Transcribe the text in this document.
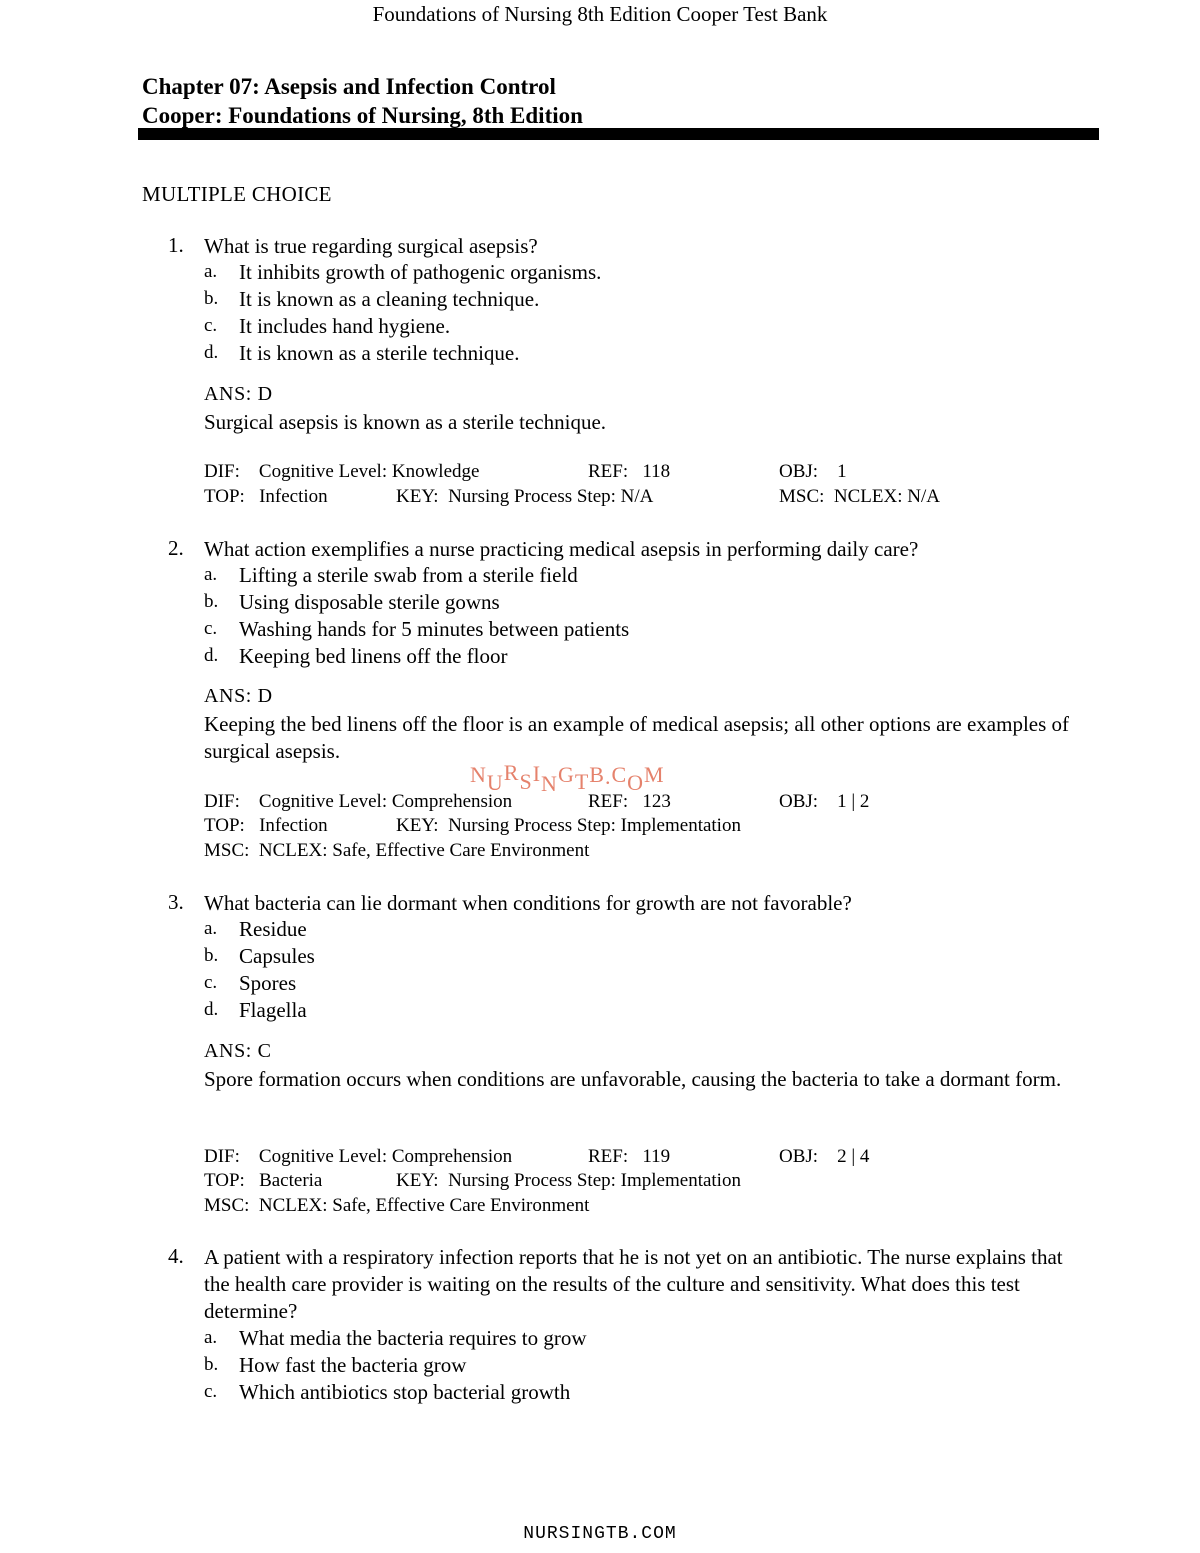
Foundations of Nursing 8th Edition Cooper Test Bank
Chapter 07: Asepsis and Infection Control
Cooper: Foundations of Nursing, 8th Edition
MULTIPLE CHOICE
1. What is true regarding surgical asepsis?
a. It inhibits growth of pathogenic organisms.
b. It is known as a cleaning technique.
c. It includes hand hygiene.
d. It is known as a sterile technique.
ANS: D
Surgical asepsis is known as a sterile technique.
DIF:    Cognitive Level: Knowledge	REF:   118	OBJ:    1
TOP:   Infection	KEY:  Nursing Process Step: N/A	MSC:  NCLEX: N/A
2. What action exemplifies a nurse practicing medical asepsis in performing daily care?
a. Lifting a sterile swab from a sterile field
b. Using disposable sterile gowns
c. Washing hands for 5 minutes between patients
d. Keeping bed linens off the floor
ANS: D
Keeping the bed linens off the floor is an example of medical asepsis; all other options are examples of surgical asepsis.
DIF:    Cognitive Level: Comprehension	REF:   123	OBJ:    1 | 2
TOP:   Infection	KEY:  Nursing Process Step: Implementation
MSC:  NCLEX: Safe, Effective Care Environment
NURSINGTB.COM
3. What bacteria can lie dormant when conditions for growth are not favorable?
a. Residue
b. Capsules
c. Spores
d. Flagella
ANS: C
Spore formation occurs when conditions are unfavorable, causing the bacteria to take a dormant form.
DIF:    Cognitive Level: Comprehension	REF:   119	OBJ:    2 | 4
TOP:   Bacteria	KEY:  Nursing Process Step: Implementation
MSC:  NCLEX: Safe, Effective Care Environment
4. A patient with a respiratory infection reports that he is not yet on an antibiotic. The nurse explains that the health care provider is waiting on the results of the culture and sensitivity. What does this test determine?
a. What media the bacteria requires to grow
b. How fast the bacteria grow
c. Which antibiotics stop bacterial growth
NURSINGTB.COM
